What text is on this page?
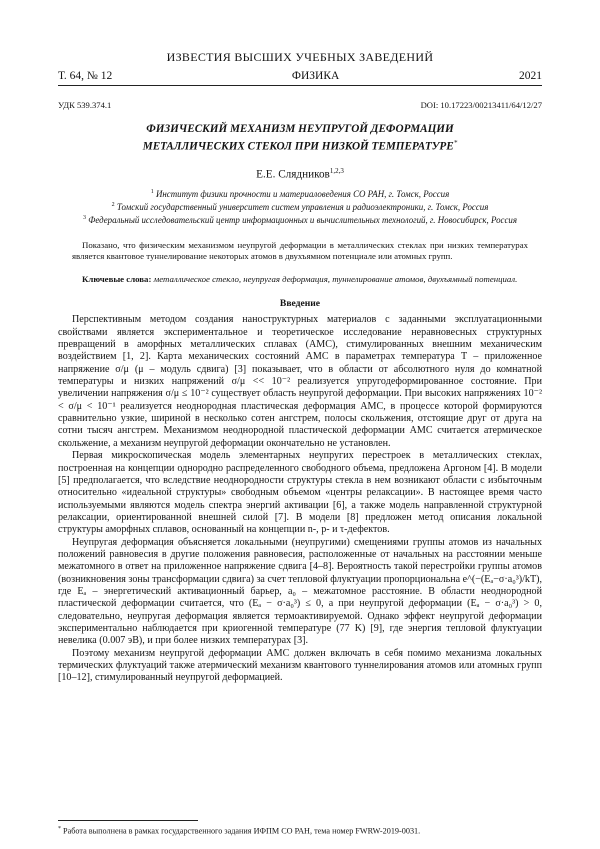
ИЗВЕСТИЯ ВЫСШИХ УЧЕБНЫХ ЗАВЕДЕНИЙ
Т. 64, № 12	ФИЗИКА	2021
УДК 539.374.1	DOI: 10.17223/00213411/64/12/27
ФИЗИЧЕСКИЙ МЕХАНИЗМ НЕУПРУГОЙ ДЕФОРМАЦИИ
МЕТАЛЛИЧЕСКИХ СТЕКОЛ ПРИ НИЗКОЙ ТЕМПЕРАТУРЕ*
Е.Е. Слядников$^{1,2,3}$
$^1$ Институт физики прочности и материаловедения СО РАН, г. Томск, Россия
$^2$ Томский государственный университет систем управления и радиоэлектроники, г. Томск, Россия
$^3$ Федеральный исследовательский центр информационных и вычислительных технологий, г. Новосибирск, Россия
Показано, что физическим механизмом неупругой деформации в металлических стеклах при низких температурах является квантовое туннелирование некоторых атомов в двухъямном потенциале или атомных групп.
Ключевые слова: металлическое стекло, неупругая деформация, туннелирование атомов, двухъямный потенциал.
Введение

Перспективным методом создания наноструктурных материалов с заданными эксплуатационными свойствами является экспериментальное и теоретическое исследование неравновесных структурных превращений в аморфных металлических сплавах (АМС), стимулированных внешним механическим воздействием [1, 2]. Карта механических состояний АМС в параметрах температура T – приложенное напряжение σ/μ (μ – модуль сдвига) [3] показывает, что в области от абсолютного нуля до комнатной температуры и низких напряжений σ/μ << 10⁻² реализуется упругодеформированное состояние. При увеличении напряжения σ/μ ≤ 10⁻² существует область неупругой деформации. При высоких напряжениях 10⁻² < σ/μ < 10⁻¹ реализуется неоднородная пластическая деформация АМС, в процессе которой формируются сравнительно узкие, шириной в несколько сотен ангстрем, полосы скольжения, отстоящие друг от друга на сотни тысяч ангстрем. Механизмом неоднородной пластической деформации АМС считается атермическое скольжение, а механизм неупругой деформации окончательно не установлен.

Первая микроскопическая модель элементарных неупругих перестроек в металлических стеклах, построенная на концепции однородно распределенного свободного объема, предложена Аргоном [4]. В модели [5] предполагается, что вследствие неоднородности структуры стекла в нем возникают области с избыточным относительно «идеальной структуры» свободным объемом «центры релаксации». В настоящее время часто используемыми являются модель спектра энергий активации [6], а также модель направленной структурной релаксации, ориентированной внешней силой [7]. В модели [8] предложен метод описания локальной структуры аморфных сплавов, основанный на концепции n-, p- и τ-дефектов.

Неупругая деформация объясняется локальными (неупругими) смещениями группы атомов из начальных положений равновесия в другие положения равновесия, расположенные от начальных на расстоянии меньше межатомного в ответ на приложенное напряжение сдвига [4–8]. Вероятность такой перестройки группы атомов (возникновения зоны трансформации сдвига) за счет тепловой флуктуации пропорциональна e^(−(Eₐ−σ·a₀³)/kT), где Eₐ – энергетический активационный барьер, a₀ – межатомное расстояние. В области неоднородной пластической деформации считается, что (Eₐ − σ·a₀³) ≤ 0, а при неупругой деформации (Eₐ − σ·a₀³) > 0, следовательно, неупругая деформация является термоактивируемой. Однако эффект неупругой деформации экспериментально наблюдается при криогенной температуре (77 K) [9], где энергия тепловой флуктуации невелика (0.007 эВ), и при более низких температурах [3].

Поэтому механизм неупругой деформации АМС должен включать в себя помимо механизма локальных термических флуктуаций также атермический механизм квантового туннелирования атомов или атомных групп [10–12], стимулированный неупругой деформацией.

* Работа выполнена в рамках государственного задания ИФПМ СО РАН, тема номер FWRW-2019-0031.
